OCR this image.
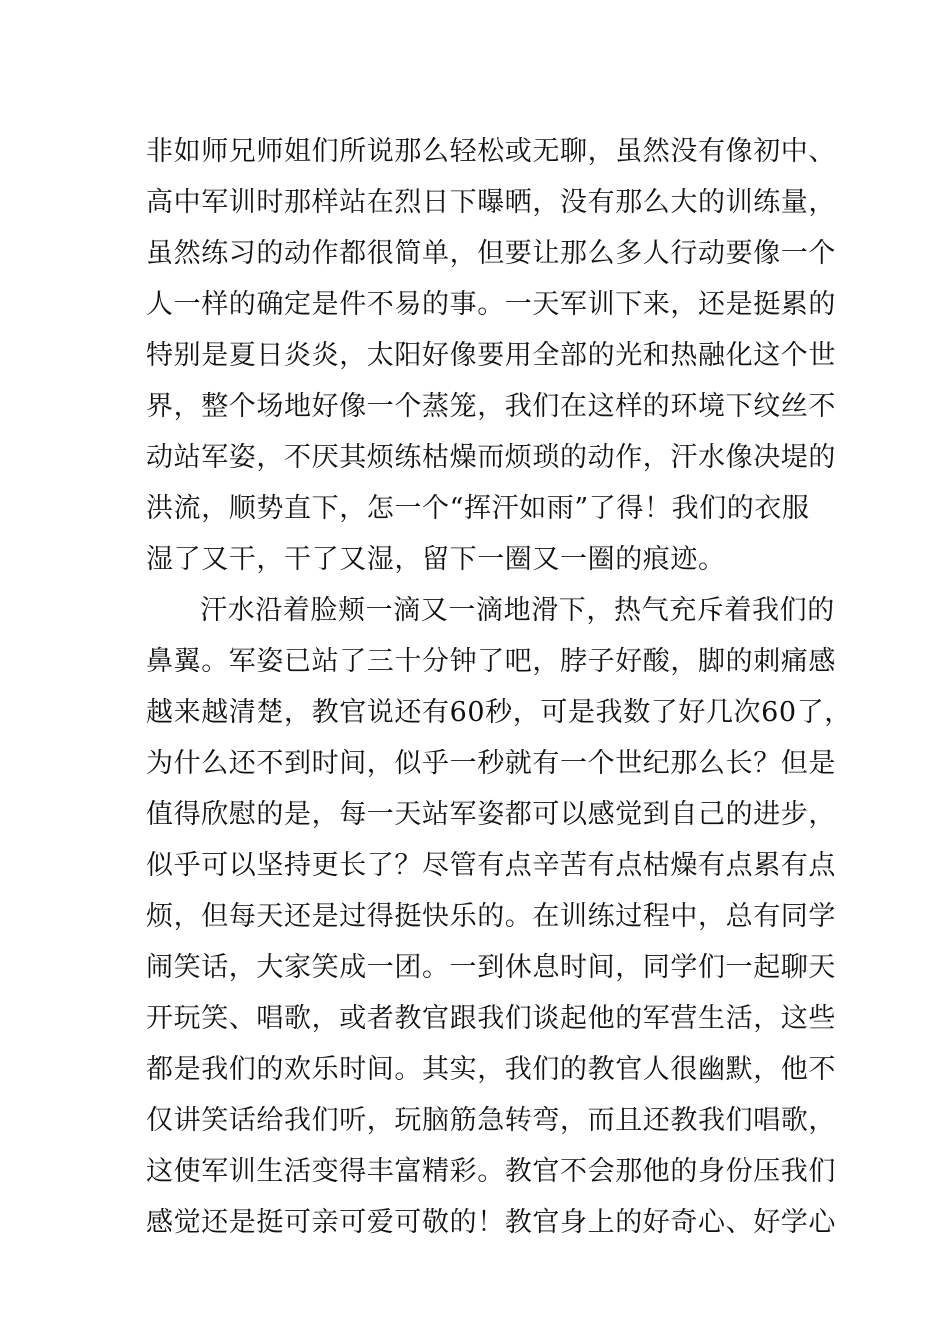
非如师兄师姐们所说那么轻松或无聊，虽然没有像初中、
高中军训时那样站在烈日下曝晒，没有那么大的训练量，
虽然练习的动作都很简单，但要让那么多人行动要像一个
人一样的确定是件不易的事。一天军训下来，还是挺累的
特别是夏日炎炎，太阳好像要用全部的光和热融化这个世
界，整个场地好像一个蒸笼，我们在这样的环境下纹丝不
动站军姿，不厌其烦练枯燥而烦琐的动作，汗水像决堤的
洪流，顺势直下，怎一个“挥汗如雨”了得！我们的衣服
湿了又干，干了又湿，留下一圈又一圈的痕迹。
汗水沿着脸颊一滴又一滴地滑下，热气充斥着我们的
鼻翼。军姿已站了三十分钟了吧，脖子好酸，脚的刺痛感
越来越清楚，教官说还有60秒，可是我数了好几次60了，
为什么还不到时间，似乎一秒就有一个世纪那么长？但是
值得欣慰的是，每一天站军姿都可以感觉到自己的进步，
似乎可以坚持更长了？尽管有点辛苦有点枯燥有点累有点
烦，但每天还是过得挺快乐的。在训练过程中，总有同学
闹笑话，大家笑成一团。一到休息时间，同学们一起聊天
开玩笑、唱歌，或者教官跟我们谈起他的军营生活，这些
都是我们的欢乐时间。其实，我们的教官人很幽默，他不
仅讲笑话给我们听，玩脑筋急转弯，而且还教我们唱歌，
这使军训生活变得丰富精彩。教官不会那他的身份压我们
感觉还是挺可亲可爱可敬的！教官身上的好奇心、好学心
